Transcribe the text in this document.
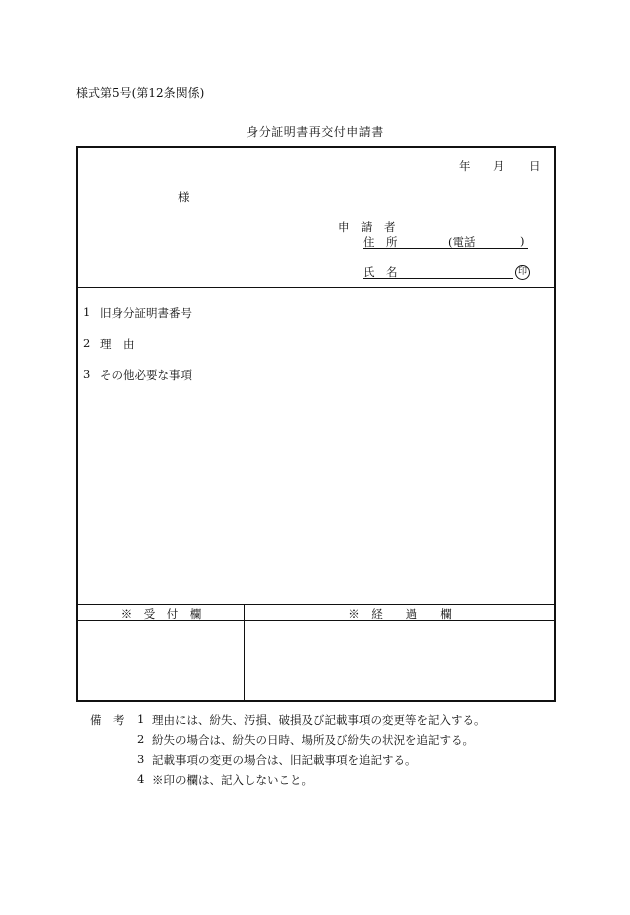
様式第5号(第12条関係)
身分証明書再交付申請書
年 月 日
様
申　請　者
住　所	(電話	)
氏　名	印
1 旧身分証明書番号
2 理　由
3 その他必要な事項
※　受　付　欄	※　経　　過　　欄
備　考 1 理由には、紛失、汚損、破損及び記載事項の変更等を記入する。
2 紛失の場合は、紛失の日時、場所及び紛失の状況を追記する。
3 記載事項の変更の場合は、旧記載事項を追記する。
4 ※印の欄は、記入しないこと。
